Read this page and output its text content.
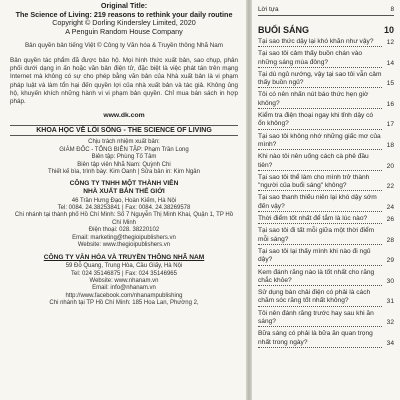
Original Title:
The Science of Living: 219 reasons to rethink your daily routine
Copyright © Dorling Kindersley Limited, 2020
A Penguin Random House Company
Bản quyền bản tiếng Việt © Công ty Văn hóa & Truyền thông Nhã Nam
Bản quyền tác phẩm đã được bảo hộ. Mọi hình thức xuất bản, sao chụp, phân phối dưới dạng in ấn hoặc văn bản điện tử, đặc biệt là việc phát tán trên mạng Internet mà không có sự cho phép bằng văn bản của Nhà xuất bản là vi phạm pháp luật và làm tổn hại đến quyền lợi của nhà xuất bản và tác giả. Không ủng hộ, khuyến khích những hành vi vi phạm bản quyền. Chỉ mua bán sách in hợp pháp.
www.dk.com
KHOA HỌC VỀ LỐI SỐNG - THE SCIENCE OF LIVING
Chịu trách nhiệm xuất bản:
GIÁM ĐỐC - TỔNG BIÊN TẬP: Phạm Trần Long
Biên tập: Phùng Tố Tâm
Biên tập viên Nhã Nam: Quỳnh Chi
Thiết kế bìa, trình bày: Kim Oanh | Sửa bản in: Kim Ngân
CÔNG TY TNHH MỘT THÀNH VIÊN
NHÀ XUẤT BẢN THẾ GIỚI
46 Trần Hưng Đạo, Hoàn Kiếm, Hà Nội
Tel: 0084. 24.38253841 | Fax: 0084. 24.38269578
Chi nhánh tại thành phố Hồ Chí Minh: Số 7 Nguyễn Thị Minh Khai, Quận 1, TP Hồ Chí Minh
Điện thoại: 028. 38220102
Email: marketing@thegioipublishers.vn
Website: www.thegioipublishers.vn
CÔNG TY VĂN HÓA VÀ TRUYỀN THÔNG NHÃ NAM
59 Đỗ Quang, Trung Hòa, Cầu Giấy, Hà Nội
Tel: 024 35146875 | Fax: 024 35146965
Website: www.nhanam.vn
Email: info@nhanam.vn
http://www.facebook.com/nhanampublishing
Chi nhánh tại TP Hồ Chí Minh: 185 Hoa Lan, Phường 2,
Lời tựa	8
BUỔI SÁNG	10
Tại sao thức dậy lại khó khăn như vậy?	12
Tại sao tôi cảm thấy buồn chán vào những sáng mùa đông?	14
Tại dù ngủ nướng, vậy tại sao tôi vẫn cảm thấy buồn ngủ?	15
Tôi có nên nhấn nút báo thức hẹn giờ không?	16
Kiểm tra điện thoại ngay khi tỉnh dậy có ổn không?	17
Tại sao tôi không nhớ những giấc mơ của mình?	18
Khi nào tôi nên uống cách cà phê đầu tiên?	20
Tại sao tôi thể làm cho mình trở thành "người của buổi sáng" không?	22
Tại sao thanh thiếu niên lại khó dậy sớm đến vậy?	24
Thời điểm tốt nhất để tắm là lúc nào?	26
Tại sao tôi đi tất mỗi giữa một thời điểm mỗi sáng?	28
Tại sao tôi lại thấy mình khi nào đi ngủ dậy?	29
Kem đánh răng nào là tốt nhất cho răng chắc khỏe?	30
Sử dụng bàn chải điện có phải là cách chăm sóc răng tốt nhất không?	31
Tôi nên đánh răng trước hay sau khi ăn sáng?	32
Bữa sáng có phải là bữa ăn quan trọng nhất trong ngày?	34
